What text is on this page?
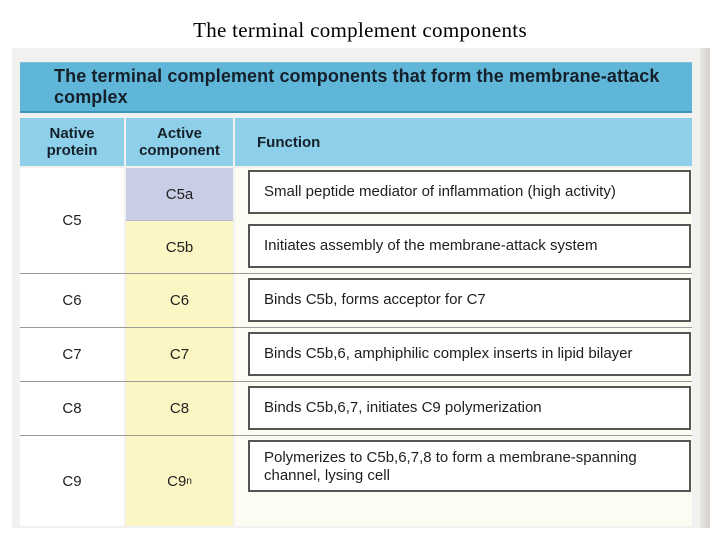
The terminal complement components
The terminal complement components that form the membrane-attack complex
Native protein
Active component	Function
C5
C6
C7
C8
C9
C5a
C5b
C6
C7
C8
C9 n
Small peptide mediator of inflammation (high activity)
Initiates assembly of the membrane-attack system
Binds C5b, forms acceptor for C7
Binds C5b,6, amphiphilic complex inserts in lipid bilayer
Binds C5b,6,7, initiates C9 polymerization
Polymerizes to C5b,6,7,8 to form a membrane-spanning channel, lysing cell
